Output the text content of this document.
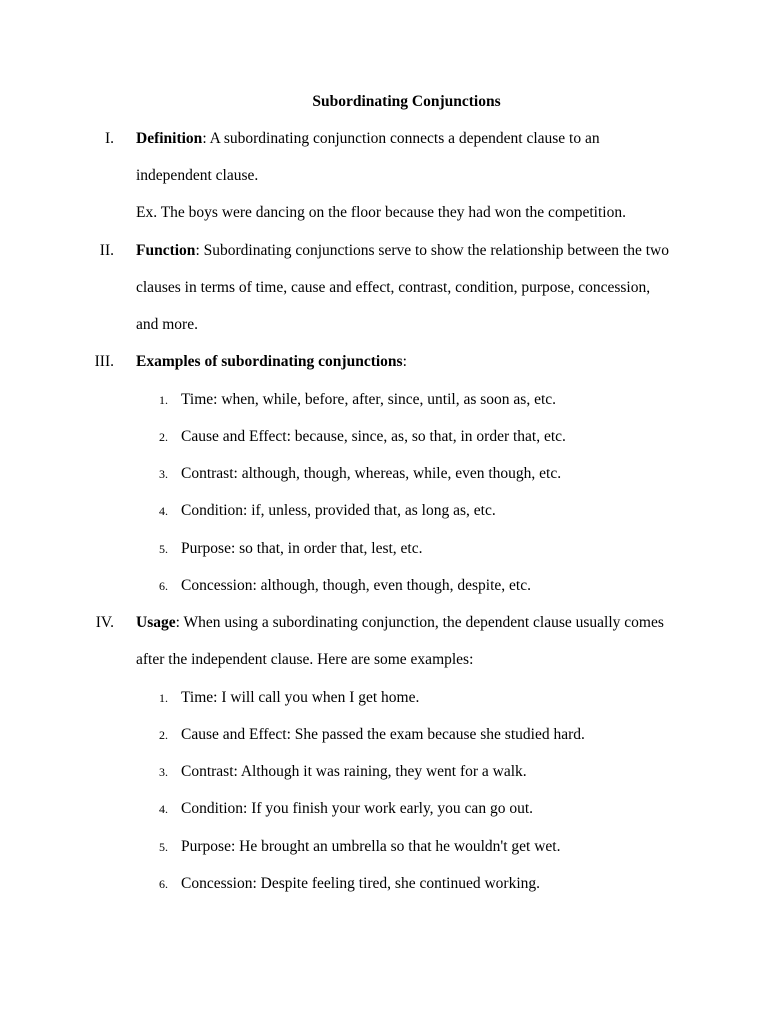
Subordinating Conjunctions
I. Definition: A subordinating conjunction connects a dependent clause to an
independent clause.
Ex. The boys were dancing on the floor because they had won the competition.
II. Function: Subordinating conjunctions serve to show the relationship between the two
clauses in terms of time, cause and effect, contrast, condition, purpose, concession,
and more.
III. Examples of subordinating conjunctions:
1. Time: when, while, before, after, since, until, as soon as, etc.
2. Cause and Effect: because, since, as, so that, in order that, etc.
3. Contrast: although, though, whereas, while, even though, etc.
4. Condition: if, unless, provided that, as long as, etc.
5. Purpose: so that, in order that, lest, etc.
6. Concession: although, though, even though, despite, etc.
IV. Usage: When using a subordinating conjunction, the dependent clause usually comes
after the independent clause. Here are some examples:
1. Time: I will call you when I get home.
2. Cause and Effect: She passed the exam because she studied hard.
3. Contrast: Although it was raining, they went for a walk.
4. Condition: If you finish your work early, you can go out.
5. Purpose: He brought an umbrella so that he wouldn't get wet.
6. Concession: Despite feeling tired, she continued working.
